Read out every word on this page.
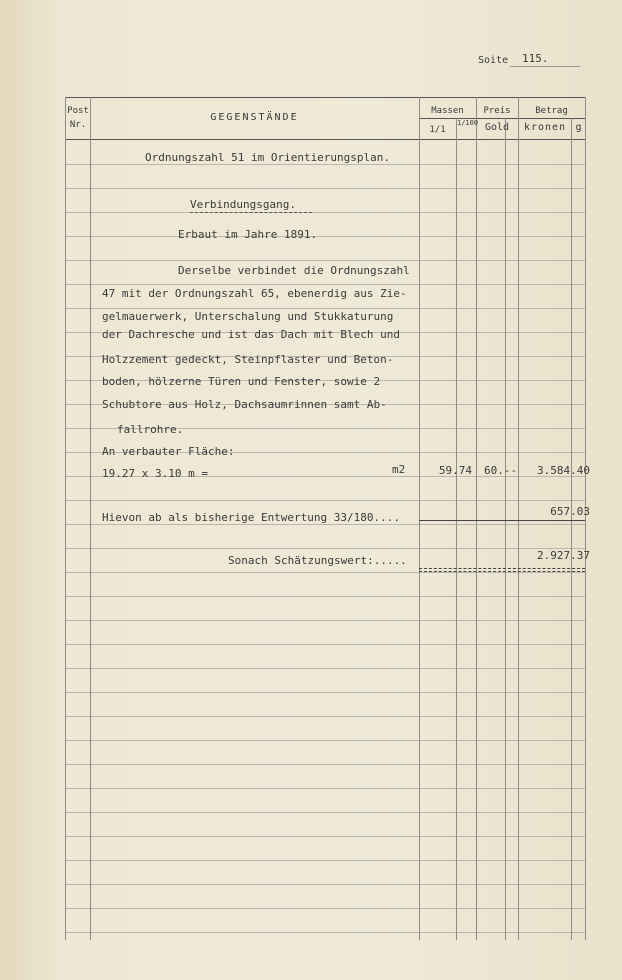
Soite 115.
Post Nr.
GEGENSTÄNDE
Massen
1/1
1/100
Preis
Gold
Betrag
kronen g
Ordnungszahl 51 im Orientierungsplan.
Verbindungsgang.
Erbaut im Jahre 1891.
Derselbe verbindet die Ordnungszahl
47 mit der Ordnungszahl 65, ebenerdig aus Zie-
gelmauerwerk, Unterschalung und Stukkaturung
der Dachresche und ist das Dach mit Blech und
Holzzement gedeckt, Steinpflaster und Beton-
boden, hölzerne Türen und Fenster, sowie 2
Schubtore aus Holz, Dachsaumrinnen samt Ab-
fallrohre.
An verbauter Fläche:
19.27 x 3.10 m =	m2	59.74 60.--	3.584.40
Hievon ab als bisherige Entwertung 33/180....	657.03
Sonach Schätzungswert:.....	2.927.37
